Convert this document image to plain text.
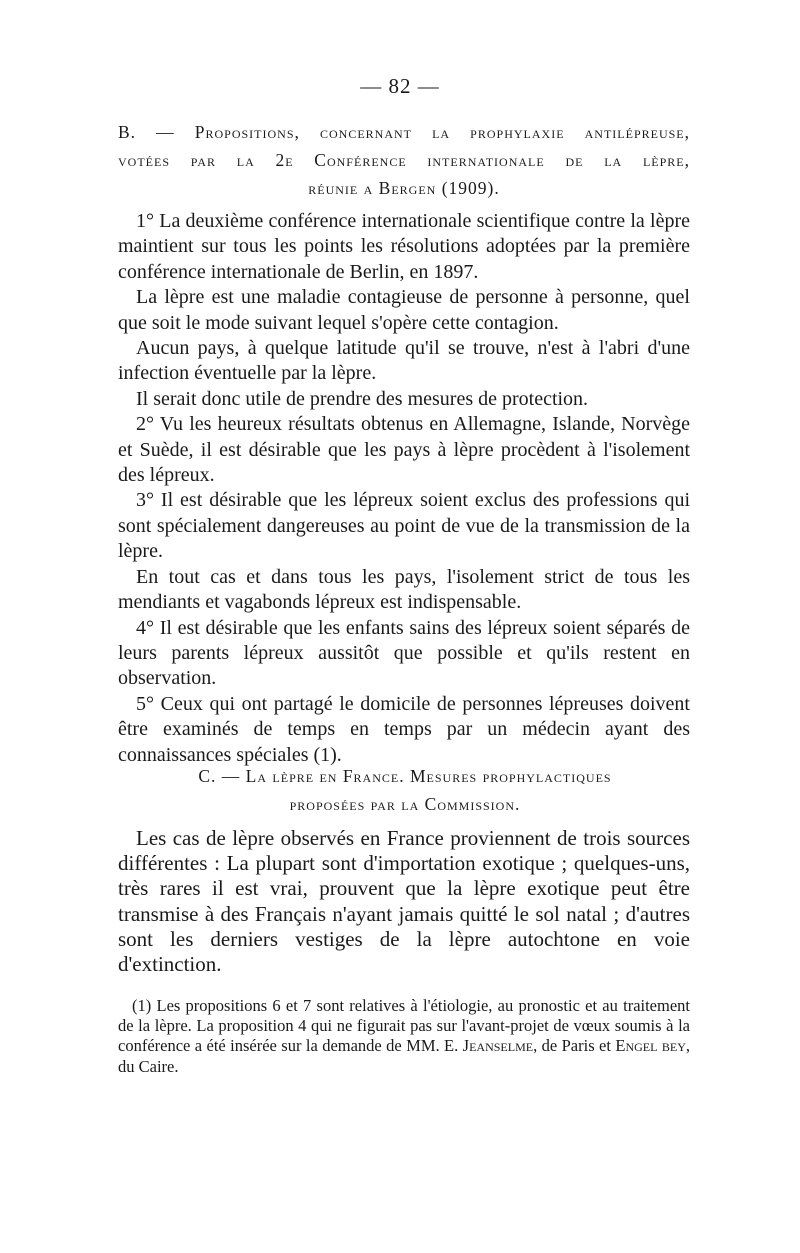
— 82 —
B. — Propositions, concernant la prophylaxie antilépreuse,
votées par la 2e Conférence internationale de la lèpre,
réunie a Bergen (1909).

1° La deuxième conférence internationale scientifique contre la lèpre maintient sur tous les points les résolutions adoptées par la première conférence internationale de Berlin, en 1897.

La lèpre est une maladie contagieuse de personne à personne, quel que soit le mode suivant lequel s'opère cette contagion.

Aucun pays, à quelque latitude qu'il se trouve, n'est à l'abri d'une infection éventuelle par la lèpre.

Il serait donc utile de prendre des mesures de protection.

2° Vu les heureux résultats obtenus en Allemagne, Islande, Norvège et Suède, il est désirable que les pays à lèpre procèdent à l'isolement des lépreux.

3° Il est désirable que les lépreux soient exclus des professions qui sont spécialement dangereuses au point de vue de la transmission de la lèpre.

En tout cas et dans tous les pays, l'isolement strict de tous les mendiants et vagabonds lépreux est indispensable.

4° Il est désirable que les enfants sains des lépreux soient séparés de leurs parents lépreux aussitôt que possible et qu'ils restent en observation.

5° Ceux qui ont partagé le domicile de personnes lépreuses doivent être examinés de temps en temps par un médecin ayant des connaissances spéciales (1).

C. — La lèpre en France. Mesures prophylactiques
proposées par la Commission.

Les cas de lèpre observés en France proviennent de trois sources différentes : La plupart sont d'importation exotique ; quelques-uns, très rares il est vrai, prouvent que la lèpre exotique peut être transmise à des Français n'ayant jamais quitté le sol natal ; d'autres sont les derniers vestiges de la lèpre autochtone en voie d'extinction.

(1) Les propositions 6 et 7 sont relatives à l'étiologie, au pronostic et au traitement de la lèpre. La proposition 4 qui ne figurait pas sur l'avant-projet de vœux soumis à la conférence a été insérée sur la demande de MM. E. Jeanselme, de Paris et Engel bey, du Caire.
